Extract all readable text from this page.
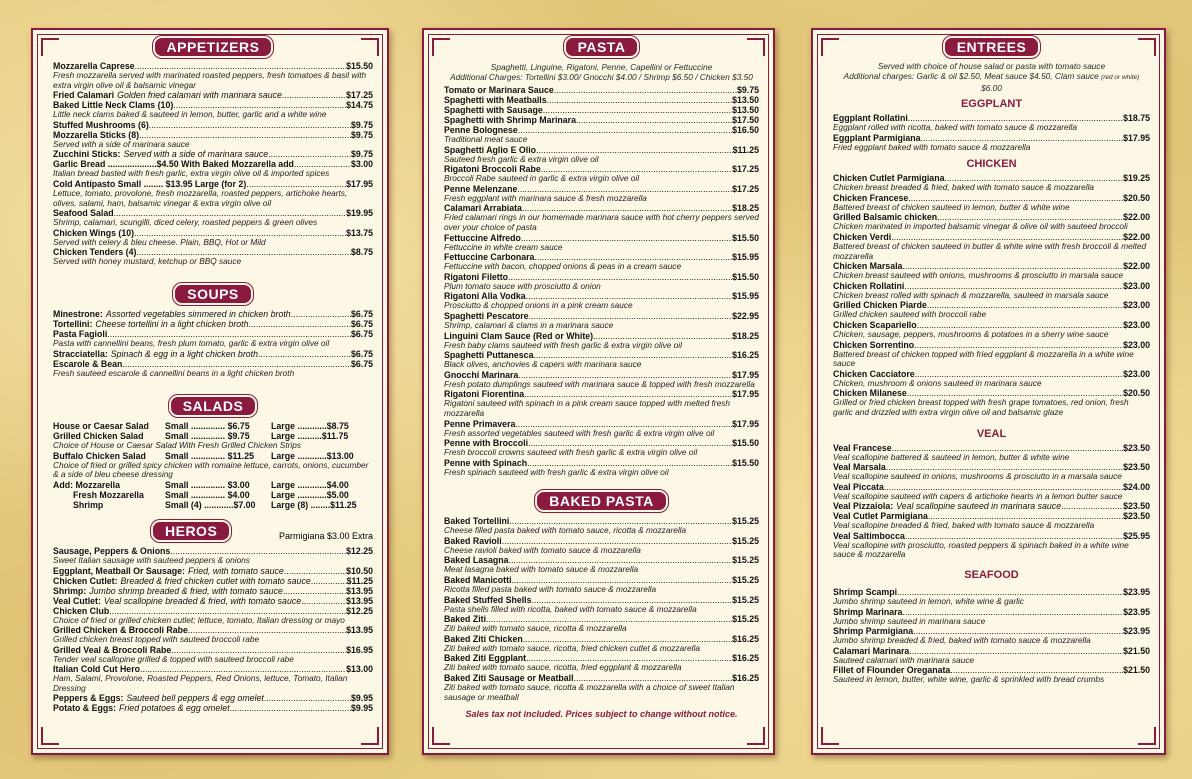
APPETIZERS
Mozzarella Caprese .....	$15.50
Fresh mozzarella served with marinated roasted peppers, fresh tomatoes & basil with extra virgin olive oil & balsamic vinegar
Fried Calamari Golden fried calamari with marinara sauce .....	$17.25
Baked Little Neck Clams (10) .....	$14.75
Little neck clams baked & sauteed in lemon, butter, garlic and a white wine
Stuffed Mushrooms (6) .....	$9.75
Mozzarella Sticks (8) .....	$9.75
Served with a side of marinara sauce
Zucchini Sticks: Served with a side of marinara sauce .....	$9.75
Garlic Bread ....................$4.50 With Baked Mozzarella add .....	$3.00
Italian bread basted with fresh garlic, extra virgin olive oil & imported spices
Cold Antipasto Small ........ $13.95 Large (for 2) .....	$17.95
Lettuce, tomato, provolone, fresh mozzarella, roasted peppers, artichoke hearts, olives, salami, ham, balsamic vinegar & extra virgin olive oil
Seafood Salad .....	$19.95
Shrimp, calamari, scungilli, diced celery, roasted peppers & green olives
Chicken Wings (10) .....	$13.75
Served with celery & bleu cheese. Plain, BBQ, Hot or Mild
Chicken Tenders (4) .....	$8.75
Served with honey mustard, ketchup or BBQ sauce
SOUPS
Minestrone: Assorted vegetables simmered in chicken broth .....	$6.75
Tortellini: Cheese tortellini in a light chicken broth .....	$6.75
Pasta Fagioli .....	$6.75
Pasta with cannellini beans, fresh plum tomato, garlic & extra virgin olive oil
Stracciatella: Spinach & egg in a light chicken broth .....	$6.75
Escarole & Bean .....	$6.75
Fresh sauteed escarole & cannellini beans in a light chicken broth
SALADS
House or Caesar Salad	Small .............. $6.75	Large ............$8.75
Grilled Chicken Salad	Small .............. $9.75	Large ..........$11.75
Choice of House or Caesar Salad With Fresh Grilled Chicken Strips
Buffalo Chicken Salad	Small .............. $11.25	Large ............$13.00
Choice of fried or grilled spicy chicken with romaine lettuce, carrots, onions, cucumber & a side of bleu cheese dressing
Add: Mozzarella	Small .............. $3.00	Large ............$4.00
Fresh Mozzarella	Small .............. $4.00	Large ............$5.00
Shrimp	Small (4) ............$7.00	Large (8) ........$11.25
HEROS	Parmigiana $3.00 Extra
Sausage, Peppers & Onions .....	$12.25
Sweet Italian sausage with sauteed peppers & onions
Eggplant, Meatball Or Sausage: Fried, with tomato sauce .....	$10.50
Chicken Cutlet: Breaded & fried chicken cutlet with tomato sauce .....	$11.25
Shrimp: Jumbo shrimp breaded & fried, with tomato sauce .....	$13.95
Veal Cutlet: Veal scallopine breaded & fried, with tomato sauce .....	$13.95
Chicken Club .....	$12.25
Choice of fried or grilled chicken cutlet; lettuce, tomato, Italian dressing or mayo
Grilled Chicken & Broccoli Rabe .....	$13.95
Grilled chicken breast topped with sauteed broccoli rabe
Grilled Veal & Broccoli Rabe .....	$16.95
Tender veal scallopine grilled & topped with sauteed broccoli rabe
Italian Cold Cut Hero .....	$13.00
Ham, Salami, Provolone, Roasted Peppers, Red Onions, lettuce, Tomato, Italian Dressing
Peppers & Eggs: Sauteed bell peppers & egg omelet .....	$9.95
Potato & Eggs: Fried potatoes & egg omelet .....	$9.95
PASTA
Spaghetti, Linguine, Rigatoni, Penne, Capellini or Fettuccine
Additional Charges: Tortellini $3.00/ Gnocchi $4.00 / Shrimp $6.50 / Chicken $3.50
Tomato or Marinara Sauce .....	$9.75
Spaghetti with Meatballs .....	$13.50
Spaghetti with Sausage .....	$13.50
Spaghetti with Shrimp Marinara .....	$17.50
Penne Bolognese .....	$16.50
Traditional meat sauce
Spaghetti Aglio E Olio .....	$11.25
Sauteed fresh garlic & extra virgin olive oil
Rigatoni Broccoli Rabe .....	$17.25
Broccoli Rabe sauteed in garlic & extra virgin olive oil
Penne Melenzane .....	$17.25
Fresh eggplant with marinara sauce & fresh mozzarella
Calamari Arrabiata .....	$18.25
Fried calamari rings in our homemade marinara sauce with hot cherry peppers served over your choice of pasta
Fettuccine Alfredo .....	$15.50
Fettuccine in white cream sauce
Fettuccine Carbonara .....	$15.95
Fettuccine with bacon, chopped onions & peas in a cream sauce
Rigatoni Filetto .....	$15.50
Plum tomato sauce with prosciutto & onion
Rigatoni Alla Vodka .....	$15.95
Prosciutto & chopped onions in a pink cream sauce
Spaghetti Pescatore .....	$22.95
Shrimp, calamari & clams in a marinara sauce
Linguini Clam Sauce (Red or White) .....	$18.25
Fresh baby clams sauteed with fresh garlic & extra virgin olive oil
Spaghetti Puttanesca .....	$16.25
Black olives, anchovies & capers with marinara sauce
Gnocchi Marinara .....	$17.95
Fresh potato dumplings sauteed with marinara sauce & topped with fresh mozzarella
Rigatoni Fiorentina .....	$17.95
Rigatoni sauteed with spinach in a pink cream sauce topped with melted fresh mozzarella
Penne Primavera .....	$17.95
Fresh assorted vegetables sauteed with fresh garlic & extra virgin olive oil
Penne with Broccoli .....	$15.50
Fresh broccoli crowns sauteed with fresh garlic & extra virgin olive oil
Penne with Spinach .....	$15.50
Fresh spinach sauteed with fresh garlic & extra virgin olive oil
BAKED PASTA
Baked Tortellini .....	$15.25
Cheese filled pasta baked with tomato sauce, ricotta & mozzarella
Baked Ravioli .....	$15.25
Cheese ravioli baked with tomato sauce & mozzarella
Baked Lasagna .....	$15.25
Meat lasagna baked with tomato sauce & mozzarella
Baked Manicotti .....	$15.25
Ricotta filled pasta baked with tomato sauce & mozzarella
Baked Stuffed Shells .....	$15.25
Pasta shells filled with ricotta, baked with tomato sauce & mozzarella
Baked Ziti .....	$15.25
Ziti baked with tomato sauce, ricotta & mozzarella
Baked Ziti Chicken .....	$16.25
Ziti baked with tomato sauce, ricotta, fried chicken cutlet & mozzarella
Baked Ziti Eggplant .....	$16.25
Ziti baked with tomato sauce, ricotta, fried eggplant & mozzarella
Baked Ziti Sausage or Meatball .....	$16.25
Ziti baked with tomato sauce, ricotta & mozzarella with a choice of sweet Italian sausage or meatball
Sales tax not included. Prices subject to change without notice.
ENTREES
Served with choice of house salad or pasta with tomato sauce
Additional charges: Garlic & oil $2.50, Meat sauce $4.50, Clam sauce (red or white) $6.00
EGGPLANT
Eggplant Rollatini .....	$18.75
Eggplant rolled with ricotta, baked with tomato sauce & mozzarella
Eggplant Parmigiana .....	$17.95
Fried eggplant baked with tomato sauce & mozzarella
CHICKEN
Chicken Cutlet Parmigiana .....	$19.25
Chicken breast breaded & fried, baked with tomato sauce & mozzarella
Chicken Francese .....	$20.50
Battered breast of chicken sauteed in lemon, butter & white wine
Grilled Balsamic chicken .....	$22.00
Chicken marinated in imported balsamic vinegar & olive oil with sauteed broccoli
Chicken Verdi .....	$22.00
Battered breast of chicken sauteed in butter & white wine with fresh broccoli & melted mozzarella
Chicken Marsala .....	$22.00
Chicken breast sauteed with onions, mushrooms & prosciutto in marsala sauce
Chicken Rollatini .....	$23.00
Chicken breast rolled with spinach & mozzarella, sauteed in marsala sauce
Grilled Chicken Piarde .....	$23.00
Grilled chicken sauteed with broccoli rabe
Chicken Scapariello .....	$23.00
Chicken, sausage, peppers, mushrooms & potatoes in a sherry wine sauce
Chicken Sorrentino .....	$23.00
Battered breast of chicken topped with fried eggplant & mozzarella in a white wine sauce
Chicken Cacciatore .....	$23.00
Chicken, mushroom & onions sauteed in marinara sauce
Chicken Milanese .....	$20.50
Grilled or fried chicken breast topped with fresh grape tomatoes, red onion, fresh garlic and drizzled with extra virgin olive oil and balsamic glaze
VEAL
Veal Francese .....	$23.50
Veal scallopine battered & sauteed in lemon, butter & white wine
Veal Marsala .....	$23.50
Veal scallopine sauteed in onions, mushrooms & prosciutto in a marsala sauce
Veal Piccata .....	$24.00
Veal scallopine sauteed with capers & artichoke hearts in a lemon butter sauce
Veal Pizzaiola: Veal scallopine sauteed in marinara sauce .....	$23.50
Veal Cutlet Parmigiana .....	$23.50
Veal scallopine breaded & fried, baked with tomato sauce & mozzarella
Veal Saltimbocca .....	$25.95
Veal scallopine with prosciutto, roasted peppers & spinach baked in a white wine sauce & mozzarella
SEAFOOD
Shrimp Scampi .....	$23.95
Jumbo shrimp sauteed in lemon, white wine & garlic
Shrimp Marinara .....	$23.95
Jumbo shrimp sauteed in marinara sauce
Shrimp Parmigiana .....	$23.95
Jumbo shrimp breaded & fried, baked with tomato sauce & mozzarella
Calamari Marinara .....	$21.50
Sauteed calamari with marinara sauce
Fillet of Flounder Oreganata .....	$21.50
Sauteed in lemon, butter, white wine, garlic & sprinkled with bread crumbs
